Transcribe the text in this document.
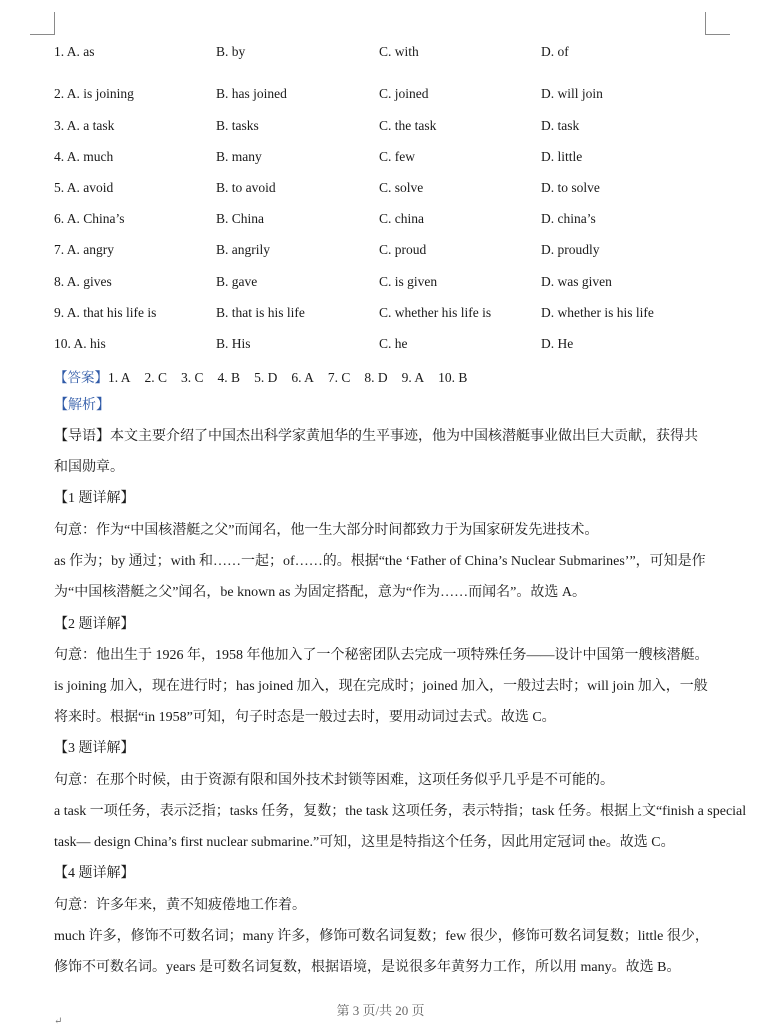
1. A. as	B. by	C. with	D. of
2. A. is joining	B. has joined	C. joined	D. will join
3. A. a task	B. tasks	C. the task	D. task
4. A. much	B. many	C. few	D. little
5. A. avoid	B. to avoid	C. solve	D. to solve
6. A. China’s	B. China	C. china	D. china’s
7. A. angry	B. angrily	C. proud	D. proudly
8. A. gives	B. gave	C. is given	D. was given
9. A. that his life is	B. that is his life	C. whether his life is	D. whether is his life
10. A. his	B. His	C. he	D. He
【答案】1. A 2. C 3. C 4. B 5. D 6. A 7. C 8. D 9. A 10. B
【解析】
【导语】本文主要介绍了中国杰出科学家黄旭华的生平事迹，他为中国核潜艇事业做出巨大贡献，获得共
和国勋章。
【1 题详解】
句意：作为“中国核潜艇之父”而闻名，他一生大部分时间都致力于为国家研发先进技术。
as 作为；by 通过；with 和……一起；of……的。根据“the ‘Father of China’s Nuclear Submarines’”，可知是作
为“中国核潜艇之父”闻名，be known as 为固定搭配，意为“作为……而闻名”。故选 A。
【2 题详解】
句意：他出生于 1926 年，1958 年他加入了一个秘密团队去完成一项特殊任务——设计中国第一艘核潜艇。
is joining 加入，现在进行时；has joined 加入，现在完成时；joined 加入，一般过去时；will join 加入，一般
将来时。根据“in 1958”可知，句子时态是一般过去时，要用动词过去式。故选 C。
【3 题详解】
句意：在那个时候，由于资源有限和国外技术封锁等困难，这项任务似乎几乎是不可能的。
a task 一项任务，表示泛指；tasks 任务，复数；the task 这项任务，表示特指；task 任务。根据上文“finish a special
task— design China’s first nuclear submarine.”可知，这里是特指这个任务，因此用定冠词 the。故选 C。
【4 题详解】
句意：许多年来，黄不知疲倦地工作着。
much 许多，修饰不可数名词；many 许多，修饰可数名词复数；few 很少，修饰可数名词复数；little 很少，
修饰不可数名词。years 是可数名词复数，根据语境，是说很多年黄努力工作，所以用 many。故选 B。
第 3 页/共 20 页
↵
